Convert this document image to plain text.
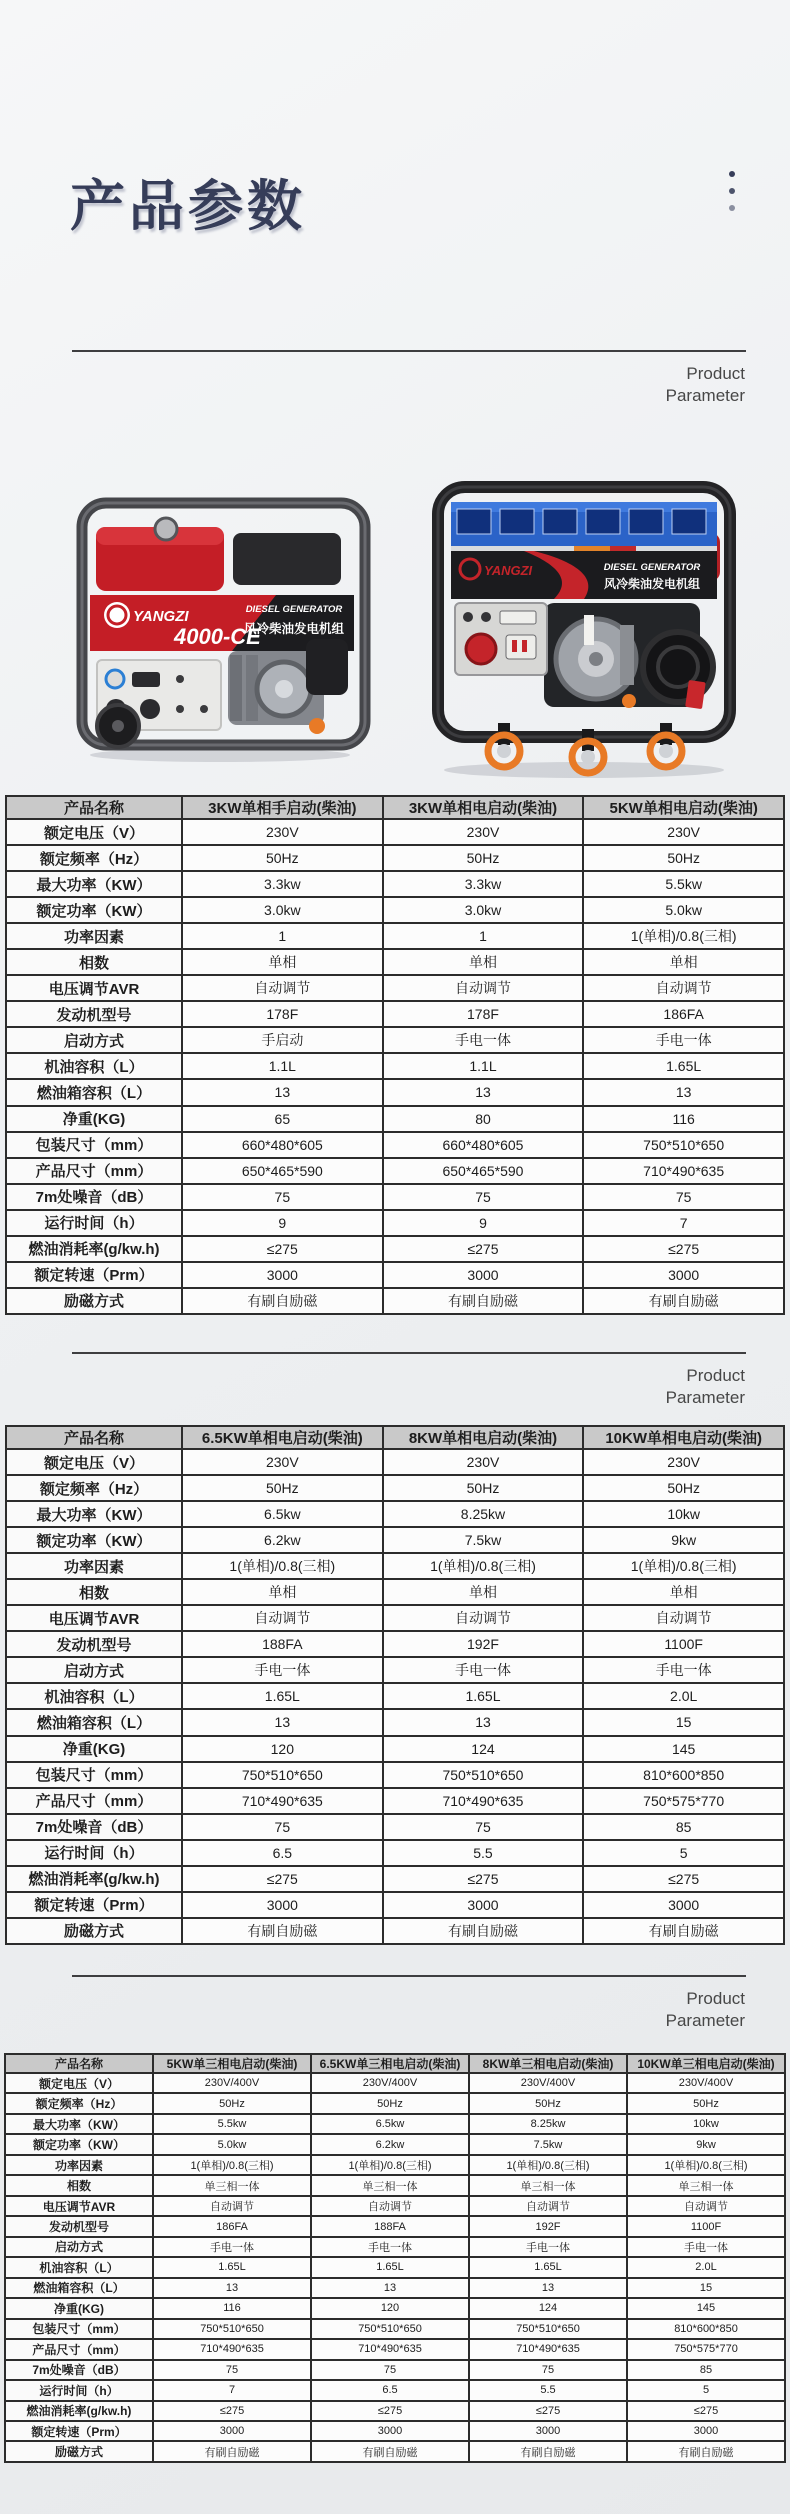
产品参数
Product
Parameter
YANGZI
4000-CE
DIESEL GENERATOR
风冷柴油发电机组
YANGZI	DIESEL GENERATOR
风冷柴油发电机组
产品名称	3KW单相手启动(柴油)	3KW单相电启动(柴油)	5KW单相电启动(柴油)
额定电压（V）	230V	230V	230V
额定频率（Hz）	50Hz	50Hz	50Hz
最大功率（KW）	3.3kw	3.3kw	5.5kw
额定功率（KW）	3.0kw	3.0kw	5.0kw
功率因素	1	1	1(单相)/0.8(三相)
相数	单相	单相	单相
电压调节AVR	自动调节	自动调节	自动调节
发动机型号	178F	178F	186FA
启动方式	手启动	手电一体	手电一体
机油容积（L）	1.1L	1.1L	1.65L
燃油箱容积（L）	13	13	13
净重(KG)	65	80	116
包装尺寸（mm）	660*480*605	660*480*605	750*510*650
产品尺寸（mm）	650*465*590	650*465*590	710*490*635
7m处噪音（dB）	75	75	75
运行时间（h）	9	9	7
燃油消耗率(g/kw.h)	≤275	≤275	≤275
额定转速（Prm）	3000	3000	3000
励磁方式	有刷自励磁	有刷自励磁	有刷自励磁
Product
Parameter
产品名称	6.5KW单相电启动(柴油)	8KW单相电启动(柴油)	10KW单相电启动(柴油)
额定电压（V）	230V	230V	230V
额定频率（Hz）	50Hz	50Hz	50Hz
最大功率（KW）	6.5kw	8.25kw	10kw
额定功率（KW）	6.2kw	7.5kw	9kw
功率因素	1(单相)/0.8(三相)	1(单相)/0.8(三相)	1(单相)/0.8(三相)
相数	单相	单相	单相
电压调节AVR	自动调节	自动调节	自动调节
发动机型号	188FA	192F	1100F
启动方式	手电一体	手电一体	手电一体
机油容积（L）	1.65L	1.65L	2.0L
燃油箱容积（L）	13	13	15
净重(KG)	120	124	145
包装尺寸（mm）	750*510*650	750*510*650	810*600*850
产品尺寸（mm）	710*490*635	710*490*635	750*575*770
7m处噪音（dB）	75	75	85
运行时间（h）	6.5	5.5	5
燃油消耗率(g/kw.h)	≤275	≤275	≤275
额定转速（Prm）	3000	3000	3000
励磁方式	有刷自励磁	有刷自励磁	有刷自励磁
Product
Parameter
产品名称	5KW单三相电启动(柴油)	6.5KW单三相电启动(柴油)	8KW单三相电启动(柴油)	10KW单三相电启动(柴油)
额定电压（V）	230V/400V	230V/400V	230V/400V	230V/400V
额定频率（Hz）	50Hz	50Hz	50Hz	50Hz
最大功率（KW）	5.5kw	6.5kw	8.25kw	10kw
额定功率（KW）	5.0kw	6.2kw	7.5kw	9kw
功率因素	1(单相)/0.8(三相)	1(单相)/0.8(三相)	1(单相)/0.8(三相)	1(单相)/0.8(三相)
相数	单三相一体	单三相一体	单三相一体	单三相一体
电压调节AVR	自动调节	自动调节	自动调节	自动调节
发动机型号	186FA	188FA	192F	1100F
启动方式	手电一体	手电一体	手电一体	手电一体
机油容积（L）	1.65L	1.65L	1.65L	2.0L
燃油箱容积（L）	13	13	13	15
净重(KG)	116	120	124	145
包装尺寸（mm）	750*510*650	750*510*650	750*510*650	810*600*850
产品尺寸（mm）	710*490*635	710*490*635	710*490*635	750*575*770
7m处噪音（dB）	75	75	75	85
运行时间（h）	7	6.5	5.5	5
燃油消耗率(g/kw.h)	≤275	≤275	≤275	≤275
额定转速（Prm）	3000	3000	3000	3000
励磁方式	有刷自励磁	有刷自励磁	有刷自励磁	有刷自励磁
